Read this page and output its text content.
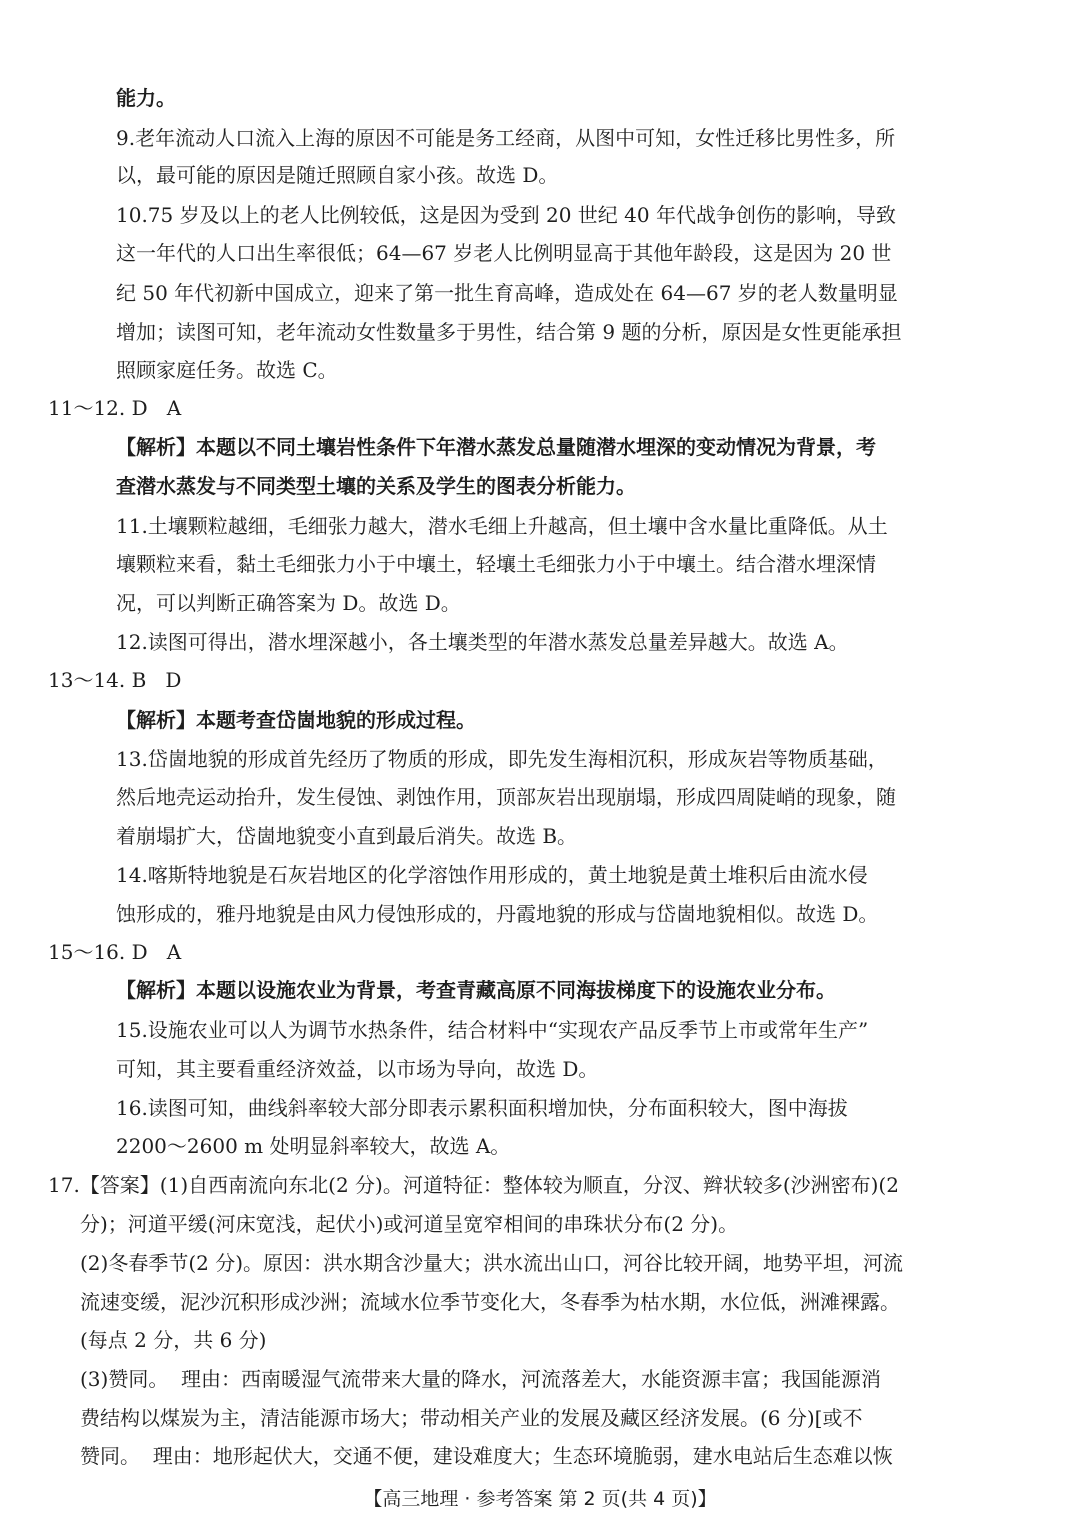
能力。
9.老年流动人口流入上海的原因不可能是务工经商，从图中可知，女性迁移比男性多，所
以，最可能的原因是随迁照顾自家小孩。故选 D。
10.75 岁及以上的老人比例较低，这是因为受到 20 世纪 40 年代战争创伤的影响，导致
这一年代的人口出生率很低；64—67 岁老人比例明显高于其他年龄段，这是因为 20 世
纪 50 年代初新中国成立，迎来了第一批生育高峰，造成处在 64—67 岁的老人数量明显
增加；读图可知，老年流动女性数量多于男性，结合第 9 题的分析，原因是女性更能承担
照顾家庭任务。故选 C。
11～12. D   A
【解析】本题以不同土壤岩性条件下年潜水蒸发总量随潜水埋深的变动情况为背景，考
查潜水蒸发与不同类型土壤的关系及学生的图表分析能力。
11.土壤颗粒越细，毛细张力越大，潜水毛细上升越高，但土壤中含水量比重降低。从土
壤颗粒来看，黏土毛细张力小于中壤土，轻壤土毛细张力小于中壤土。结合潜水埋深情
况，可以判断正确答案为 D。故选 D。
12.读图可得出，潜水埋深越小，各土壤类型的年潜水蒸发总量差异越大。故选 A。
13～14. B   D
【解析】本题考查岱崮地貌的形成过程。
13.岱崮地貌的形成首先经历了物质的形成，即先发生海相沉积，形成灰岩等物质基础，
然后地壳运动抬升，发生侵蚀、剥蚀作用，顶部灰岩出现崩塌，形成四周陡峭的现象，随
着崩塌扩大，岱崮地貌变小直到最后消失。故选 B。
14.喀斯特地貌是石灰岩地区的化学溶蚀作用形成的，黄土地貌是黄土堆积后由流水侵
蚀形成的，雅丹地貌是由风力侵蚀形成的，丹霞地貌的形成与岱崮地貌相似。故选 D。
15～16. D   A
【解析】本题以设施农业为背景，考查青藏高原不同海拔梯度下的设施农业分布。
15.设施农业可以人为调节水热条件，结合材料中“实现农产品反季节上市或常年生产”
可知，其主要看重经济效益，以市场为导向，故选 D。
16.读图可知，曲线斜率较大部分即表示累积面积增加快，分布面积较大，图中海拔
2200～2600 m 处明显斜率较大，故选 A。
17.【答案】(1)自西南流向东北(2 分)。河道特征：整体较为顺直，分汊、辫状较多(沙洲密布)(2
分)；河道平缓(河床宽浅，起伏小)或河道呈宽窄相间的串珠状分布(2 分)。
(2)冬春季节(2 分)。原因：洪水期含沙量大；洪水流出山口，河谷比较开阔，地势平坦，河流
流速变缓，泥沙沉积形成沙洲；流域水位季节变化大，冬春季为枯水期，水位低，洲滩裸露。
(每点 2 分，共 6 分)
(3)赞同。  理由：西南暖湿气流带来大量的降水，河流落差大，水能资源丰富；我国能源消
费结构以煤炭为主，清洁能源市场大；带动相关产业的发展及藏区经济发展。(6 分)[或不
赞同。  理由：地形起伏大，交通不便，建设难度大；生态环境脆弱，建水电站后生态难以恢
【高三地理 · 参考答案 第 2 页(共 4 页)】
